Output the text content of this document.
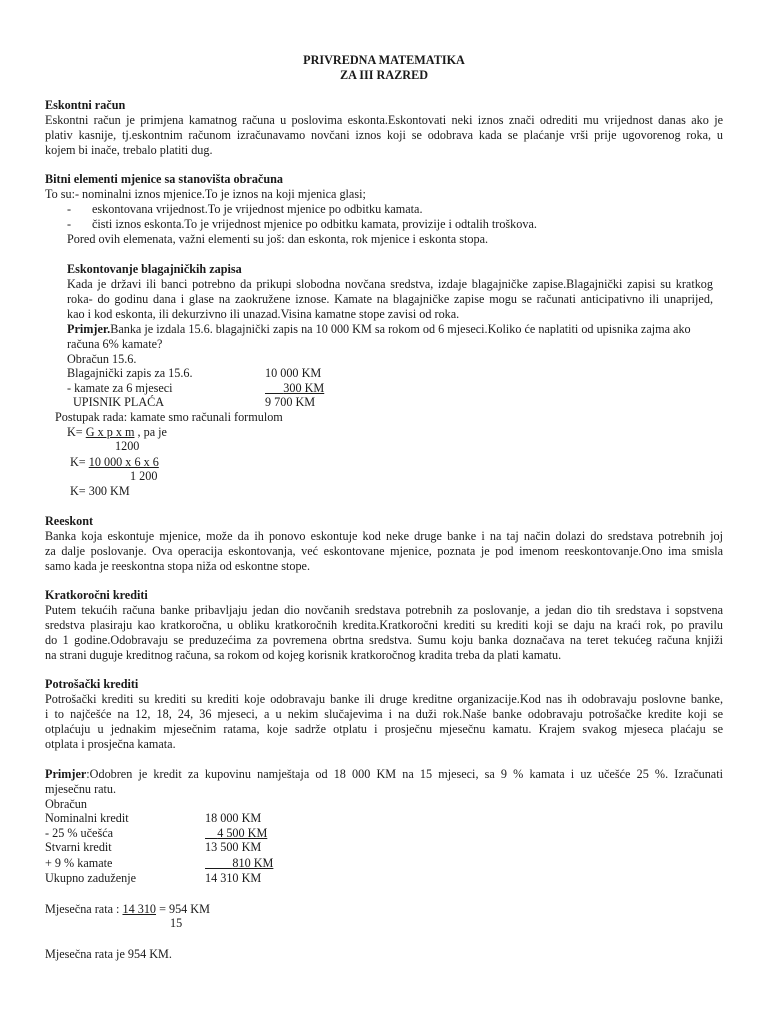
PRIVREDNA MATEMATIKA
ZA III RAZRED
Eskontni račun
Eskontni račun je primjena kamatnog računa u poslovima eskonta.Eskontovati neki iznos znači odrediti mu vrijednost danas ako je
plativ kasnije, tj.eskontnim računom izračunavamo novčani iznos koji se odobrava kada se plaćanje vrši prije ugovorenog roka, u
kojem bi inače, trebalo platiti dug.
Bitni elementi mjenice sa stanovišta obračuna
To su:- nominalni iznos mjenice.To je iznos na koji mjenica glasi;
- eskontovana vrijednost.To je vrijednost mjenice po odbitku kamata.
- čisti iznos eskonta.To je vrijednost mjenice po odbitku kamata, provizije i odtalih troškova.
Pored ovih elemenata, važni elementi su još: dan eskonta, rok mjenice i eskonta stopa.
Eskontovanje blagajničkih zapisa
Kada je državi ili banci potrebno da prikupi slobodna novčana sredstva, izdaje blagajničke zapise.Blagajnički zapisi su kratkog
roka- do godinu dana i glase na zaokružene iznose. Kamate na blagajničke zapise mogu se računati anticipativno ili unaprijed,
kao i kod eskonta, ili dekurzivno ili unazad.Visina kamatne stope zavisi od roka.
Primjer.Banka je izdala 15.6. blagajnički zapis na 10 000 KM sa rokom od 6 mjeseci.Koliko će naplatiti od upisnika zajma ako
računa 6% kamate?
Obračun 15.6.
Blagajnički zapis za 15.6.	10 000 KM
- kamate za 6 mjeseci	300 KM
UPISNIK PLAĆA	9 700 KM
Postupak rada: kamate smo računali formulom
K= G x p x m , pa je
1200
K= 10 000 x 6 x 6
1 200
K= 300 KM
Reeskont
Banka koja eskontuje mjenice, može da ih ponovo eskontuje kod neke druge banke i na taj način dolazi do sredstava potrebnih joj
za dalje poslovanje. Ova operacija eskontovanja, već eskontovane mjenice, poznata je pod imenom reeskontovanje.Ono ima smisla
samo kada je reeskontna stopa niža od eskontne stope.
Kratkoročni krediti
Putem tekućih računa banke pribavljaju jedan dio novčanih sredstava potrebnih za poslovanje, a jedan dio tih sredstava i sopstvena
sredstva plasiraju kao kratkoročna, u obliku kratkoročnih kredita.Kratkoročni krediti su krediti koji se daju na kraći rok, po pravilu
do 1 godine.Odobravaju se preduzećima za povremena obrtna sredstva. Sumu koju banka doznačava na teret tekućeg računa knjiži
na strani duguje kreditnog računa, sa rokom od kojeg korisnik kratkoročnog kradita treba da plati kamatu.
Potrošački krediti
Potrošački krediti su krediti su krediti koje odobravaju banke ili druge kreditne organizacije.Kod nas ih odobravaju poslovne banke,
i to najčešće na 12, 18, 24, 36 mjeseci, a u nekim slučajevima i na duži rok.Naše banke odobravaju potrošačke kredite koji se
otplaćuju u jednakim mjesečnim ratama, koje sadrže otplatu i prosječnu mjesečnu kamatu. Krajem svakog mjeseca plaćaju se
otplata i prosječna kamata.
Primjer:Odobren je kredit za kupovinu namještaja od 18 000 KM na 15 mjeseci, sa 9 % kamata i uz učešće 25 %. Izračunati
mjesečnu ratu.
Obračun
Nominalni kredit	18 000 KM
- 25 % učešća	4 500 KM
Stvarni kredit	13 500 KM
+ 9 % kamate	810 KM
Ukupno zaduženje	14 310 KM
Mjesečna rata : 14 310 = 954 KM
15
Mjesečna rata je 954 KM.
